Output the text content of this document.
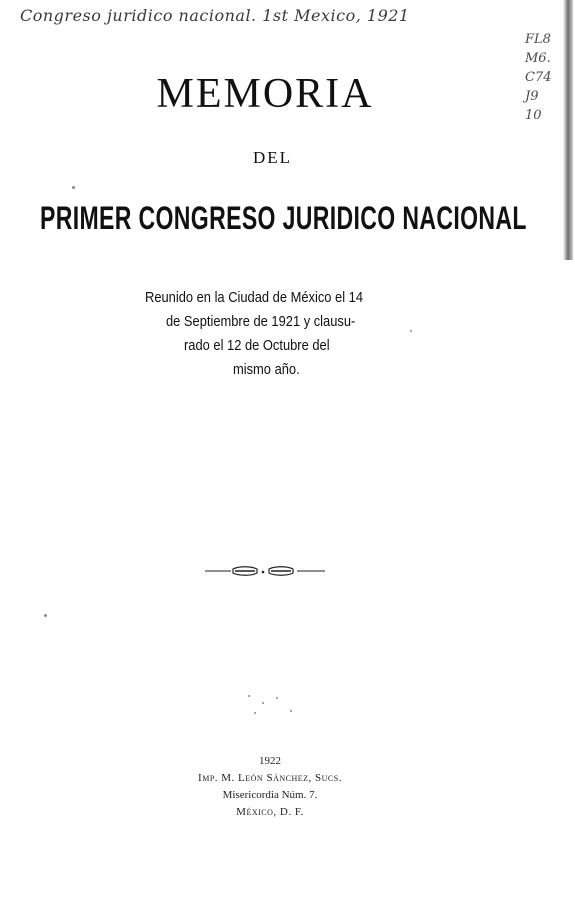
Congreso juridico nacional. 1st Mexico, 1921
FL8
M6.
C74
J9
10
MEMORIA
DEL
PRIMER CONGRESO JURIDICO NACIONAL
Reunido en la Ciudad de México el 14
de Septiembre de 1921 y clausu-
rado el 12 de Octubre del
mismo año.
1922
Imp. M. León Sánchez, Sucs.
Misericordia Núm. 7.
México, D. F.
